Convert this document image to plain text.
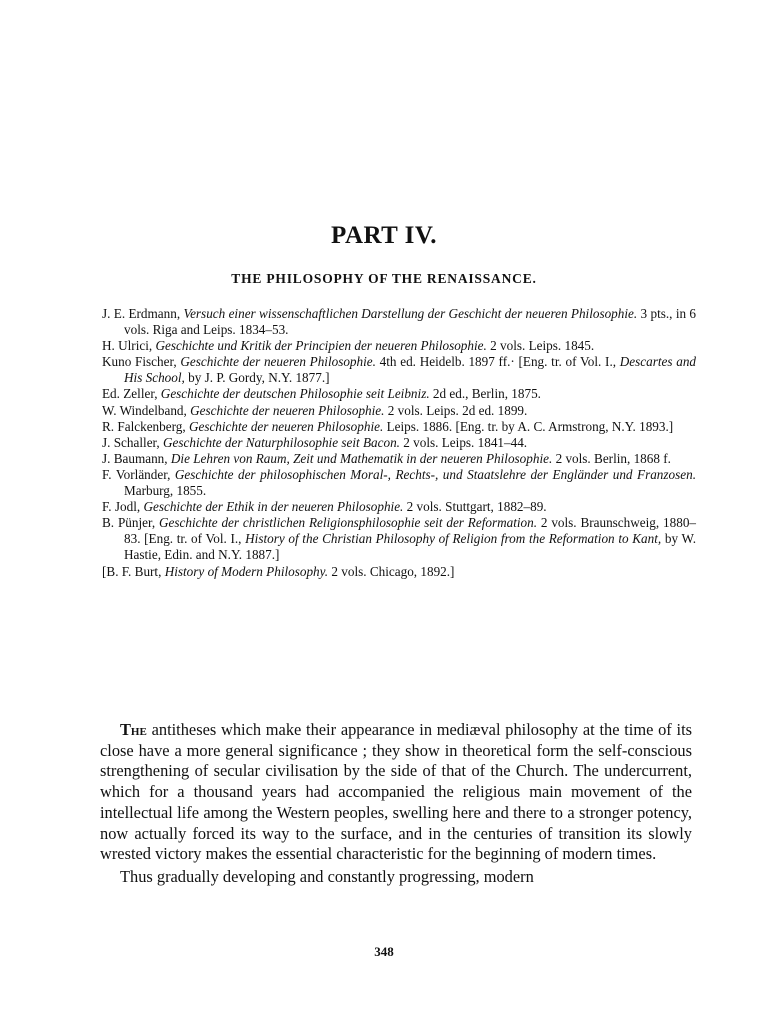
PART IV.
THE PHILOSOPHY OF THE RENAISSANCE.
J. E. Erdmann, Versuch einer wissenschaftlichen Darstellung der Geschicht der neueren Philosophie. 3 pts., in 6 vols. Riga and Leips. 1834–53.
H. Ulrici, Geschichte und Kritik der Principien der neueren Philosophie. 2 vols. Leips. 1845.
Kuno Fischer, Geschichte der neueren Philosophie. 4th ed. Heidelb. 1897 ff.· [Eng. tr. of Vol. I., Descartes and His School, by J. P. Gordy, N.Y. 1877.]
Ed. Zeller, Geschichte der deutschen Philosophie seit Leibniz. 2d ed., Berlin, 1875.
W. Windelband, Geschichte der neueren Philosophie. 2 vols. Leips. 2d ed. 1899.
R. Falckenberg, Geschichte der neueren Philosophie. Leips. 1886. [Eng. tr. by A. C. Armstrong, N.Y. 1893.]
J. Schaller, Geschichte der Naturphilosophie seit Bacon. 2 vols. Leips. 1841–44.
J. Baumann, Die Lehren von Raum, Zeit und Mathematik in der neueren Philosophie. 2 vols. Berlin, 1868 f.
F. Vorländer, Geschichte der philosophischen Moral-, Rechts-, und Staatslehre der Engländer und Franzosen. Marburg, 1855.
F. Jodl, Geschichte der Ethik in der neueren Philosophie. 2 vols. Stuttgart, 1882–89.
B. Pünjer, Geschichte der christlichen Religionsphilosophie seit der Reformation. 2 vols. Braunschweig, 1880–83. [Eng. tr. of Vol. I., History of the Christian Philosophy of Religion from the Reformation to Kant, by W. Hastie, Edin. and N.Y. 1887.]
[B. F. Burt, History of Modern Philosophy. 2 vols. Chicago, 1892.]

The antitheses which make their appearance in mediæval philosophy at the time of its close have a more general significance ; they show in theoretical form the self-conscious strengthening of secular civilisation by the side of that of the Church. The undercurrent, which for a thousand years had accompanied the religious main movement of the intellectual life among the Western peoples, swelling here and there to a stronger potency, now actually forced its way to the surface, and in the centuries of transition its slowly wrested victory makes the essential characteristic for the beginning of modern times.

Thus gradually developing and constantly progressing, modern

348
